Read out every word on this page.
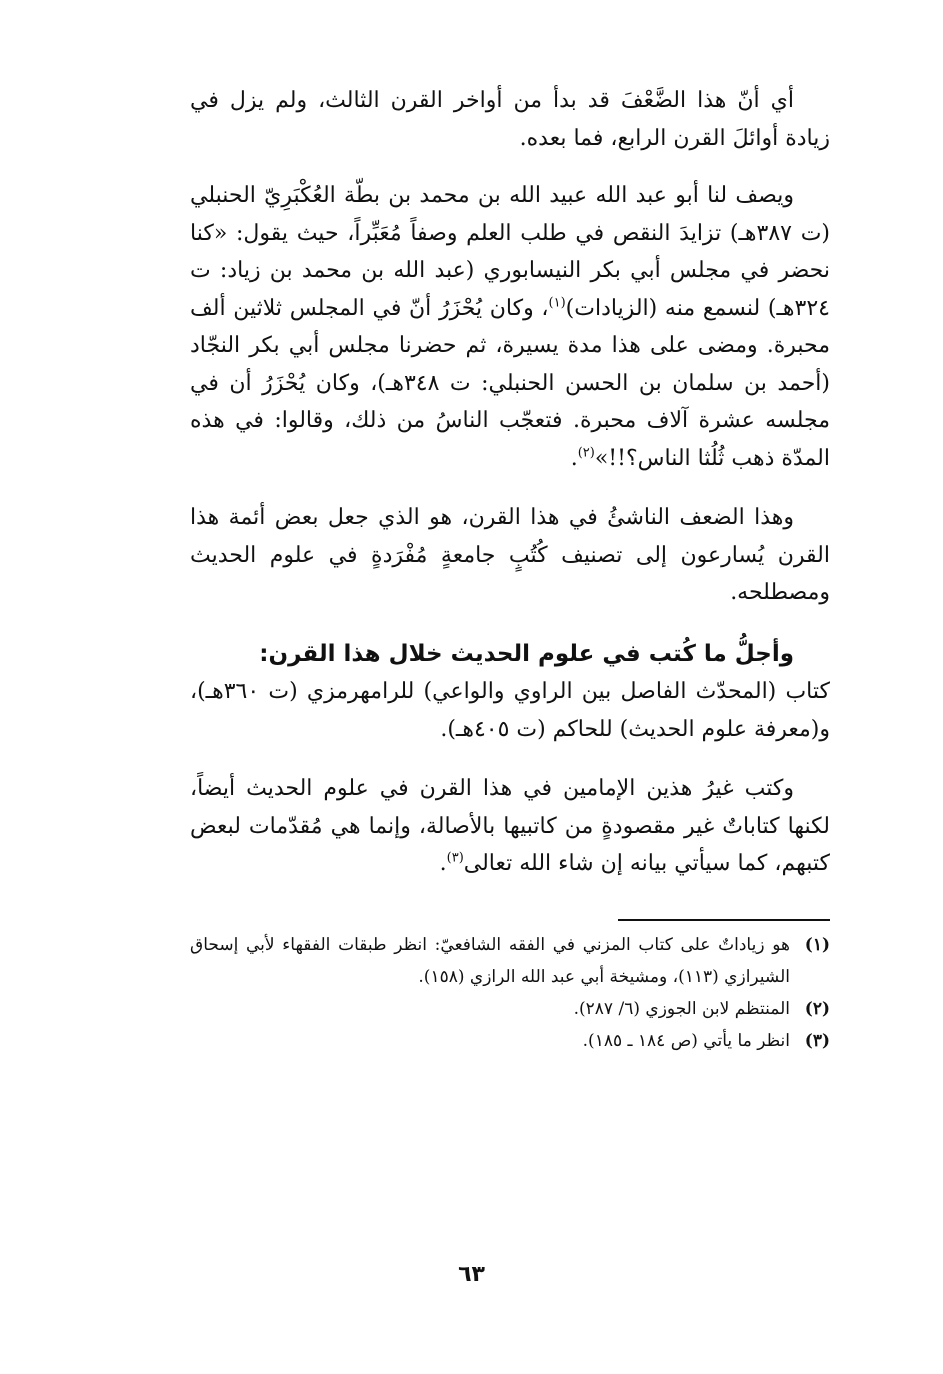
أي أنّ هذا الضَّعْفَ قد بدأ من أواخر القرن الثالث، ولم يزل في زيادة أوائلَ القرن الرابع، فما بعده.
ويصف لنا أبو عبد الله عبيد الله بن محمد بن بطّة العُكْبَرِيّ الحنبلي (ت ٣٨٧هـ) تزايدَ النقص في طلب العلم وصفاً مُعَبِّراً، حيث يقول: «كنا نحضر في مجلس أبي بكر النيسابوري (عبد الله بن محمد بن زياد: ت ٣٢٤هـ) لنسمع منه (الزيادات)$^{(١)}$، وكان يُحْزَرُ أنّ في المجلس ثلاثين ألف محبرة. ومضى على هذا مدة يسيرة، ثم حضرنا مجلس أبي بكر النجّاد (أحمد بن سلمان بن الحسن الحنبلي: ت ٣٤٨هـ)، وكان يُحْزَرُ أن في مجلسه عشرة آلاف محبرة. فتعجّب الناسُ من ذلك، وقالوا: في هذه المدّة ذهب ثُلُثا الناس؟!!»$^{(٢)}$.
وهذا الضعف الناشئُ في هذا القرن، هو الذي جعل بعض أئمة هذا القرن يُسارعون إلى تصنيف كُتُبٍ جامعةٍ مُفْرَدةٍ في علوم الحديث ومصطلحه.
وأجلُّ ما كُتب في علوم الحديث خلال هذا القرن:
كتاب (المحدّث الفاصل بين الراوي والواعي) للرامهرمزي (ت ٣٦٠هـ)، و(معرفة علوم الحديث) للحاكم (ت ٤٠٥هـ).
وكتب غيرُ هذين الإمامين في هذا القرن في علوم الحديث أيضاً، لكنها كتاباتٌ غير مقصودةٍ من كاتبيها بالأصالة، وإنما هي مُقدّمات لبعض كتبهم، كما سيأتي بيانه إن شاء الله تعالى$^{(٣)}$.
(١)
هو زياداتٌ على كتاب المزني في الفقه الشافعيّ: انظر طبقات الفقهاء لأبي إسحاق الشيرازي (١١٣)، ومشيخة أبي عبد الله الرازي (١٥٨).
(٢)
المنتظم لابن الجوزي (٦/ ٢٨٧).
(٣)
انظر ما يأتي (ص ١٨٤ ـ ١٨٥).
٦٣
